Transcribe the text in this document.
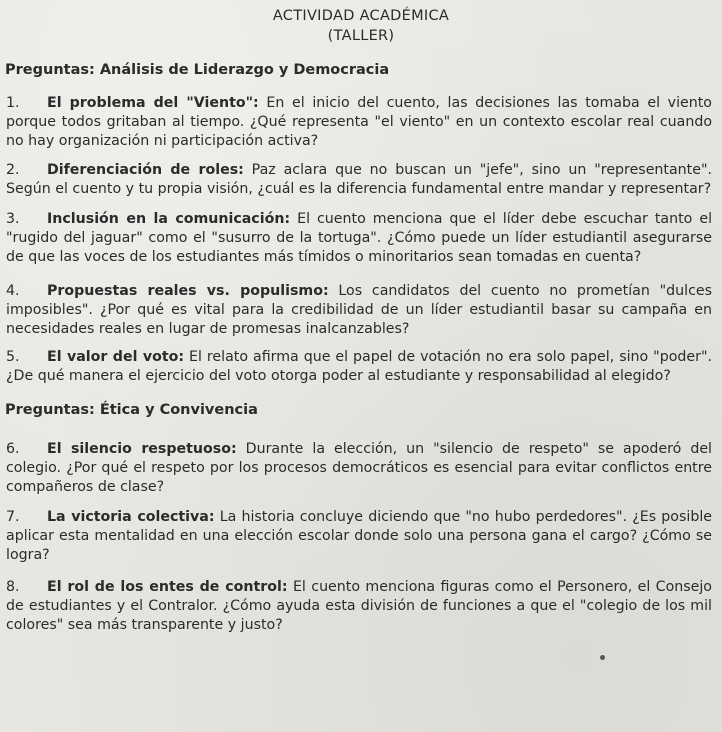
ACTIVIDAD ACADÉMICA
(TALLER)
Preguntas: Análisis de Liderazgo y Democracia

1. El problema del "Viento": En el inicio del cuento, las decisiones las tomaba el viento porque todos gritaban al tiempo. ¿Qué representa "el viento" en un contexto escolar real cuando no hay organización ni participación activa?

2. Diferenciación de roles: Paz aclara que no buscan un "jefe", sino un "representante". Según el cuento y tu propia visión, ¿cuál es la diferencia fundamental entre mandar y representar?

3. Inclusión en la comunicación: El cuento menciona que el líder debe escuchar tanto el "rugido del jaguar" como el "susurro de la tortuga". ¿Cómo puede un líder estudiantil asegurarse de que las voces de los estudiantes más tímidos o minoritarios sean tomadas en cuenta?

4. Propuestas reales vs. populismo: Los candidatos del cuento no prometían "dulces imposibles". ¿Por qué es vital para la credibilidad de un líder estudiantil basar su campaña en necesidades reales en lugar de promesas inalcanzables?

5. El valor del voto: El relato afirma que el papel de votación no era solo papel, sino "poder". ¿De qué manera el ejercicio del voto otorga poder al estudiante y responsabilidad al elegido?

Preguntas: Ética y Convivencia

6. El silencio respetuoso: Durante la elección, un "silencio de respeto" se apoderó del colegio. ¿Por qué el respeto por los procesos democráticos es esencial para evitar conflictos entre compañeros de clase?

7. La victoria colectiva: La historia concluye diciendo que "no hubo perdedores". ¿Es posible aplicar esta mentalidad en una elección escolar donde solo una persona gana el cargo? ¿Cómo se logra?

8. El rol de los entes de control: El cuento menciona figuras como el Personero, el Consejo de estudiantes y el Contralor. ¿Cómo ayuda esta división de funciones a que el "colegio de los mil colores" sea más transparente y justo?
